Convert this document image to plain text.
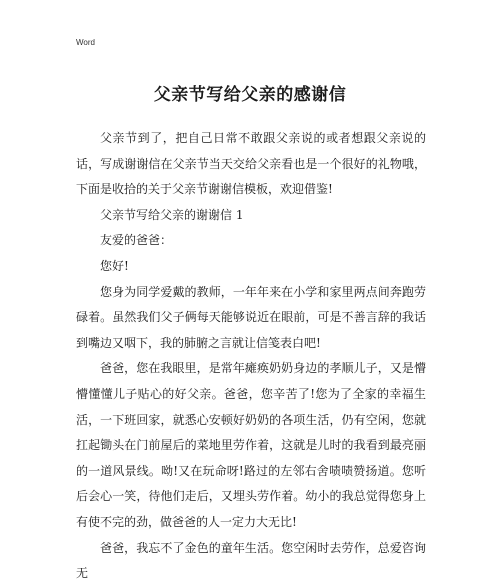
Word
父亲节写给父亲的感谢信

父亲节到了，把自己日常不敢跟父亲说的或者想跟父亲说的话，写成谢谢信在父亲节当天交给父亲看也是一个很好的礼物哦，下面是收拾的关于父亲节谢谢信模板，欢迎借鉴!

父亲节写给父亲的谢谢信 1

友爱的爸爸：

您好!

您身为同学爱戴的教师，一年年来在小学和家里两点间奔跑劳碌着。虽然我们父子俩每天能够说近在眼前，可是不善言辞的我话到嘴边又咽下，我的肺腑之言就让信笺表白吧!

爸爸，您在我眼里，是常年瘫痪奶奶身边的孝顺儿子，又是懵懵懂懂儿子贴心的好父亲。爸爸，您辛苦了!您为了全家的幸福生活，一下班回家，就悉心安顿好奶奶的各项生活，仍有空闲，您就扛起锄头在门前屋后的菜地里劳作着，这就是儿时的我看到最亮丽的一道风景线。呦!又在玩命呀!路过的左邻右舍啧啧赞扬道。您听后会心一笑，待他们走后，又埋头劳作着。幼小的我总觉得您身上有使不完的劲，做爸爸的人一定力大无比!

爸爸，我忘不了金色的童年生活。您空闲时去劳作，总爱咨询无
